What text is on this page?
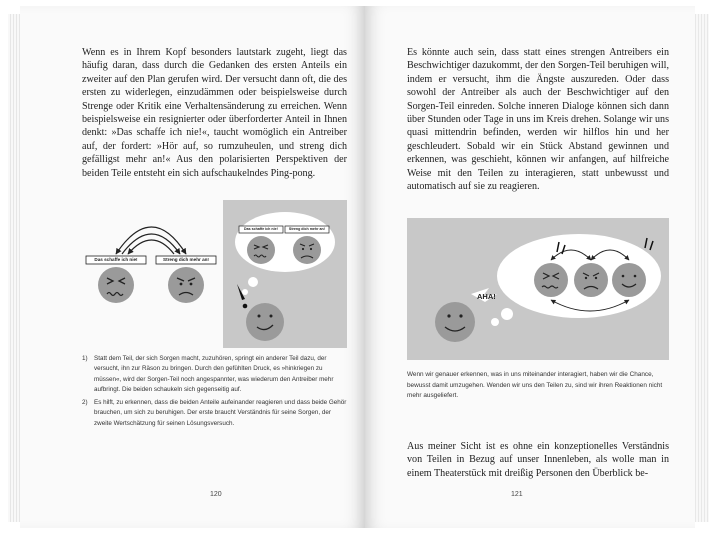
Wenn es in Ihrem Kopf besonders lautstark zugeht, liegt das häufig daran, dass durch die Gedanken des ersten Anteils ein zweiter auf den Plan gerufen wird. Der versucht dann oft, die des ersten zu widerlegen, einzudämmen oder beispielsweise durch Strenge oder Kritik eine Verhaltensänderung zu erreichen. Wenn beispielsweise ein resignierter oder überforderter Anteil in Ihnen denkt: »Das schaffe ich nie!«, taucht womöglich ein Antreiber auf, der fordert: »Hör auf, so rumzuheulen, und streng dich gefälligst mehr an!« Aus den polarisierten Perspektiven der beiden Teile entsteht ein sich aufschaukelndes Ping-pong.

Das schaffe ich nie!	Streng dich mehr an!
Das schaffe ich nie!	Streng dich mehr an!
1) Statt dem Teil, der sich Sorgen macht, zuzuhören, springt ein anderer Teil dazu, der versucht, ihn zur Räson zu bringen. Durch den gefühlten Druck, es »hinkriegen zu müssen«, wird der Sorgen-Teil noch angespannter, was wiederum den Antreiber mehr aufbringt. Die beiden schaukeln sich gegenseitig auf.
2) Es hilft, zu erkennen, dass die beiden Anteile aufeinander reagieren und dass beide Gehör brauchen, um sich zu beruhigen. Der erste braucht Verständnis für seine Sorgen, der zweite Wertschätzung für seinen Lösungsversuch.
120

Es könnte auch sein, dass statt eines strengen Antreibers ein Beschwichtiger dazukommt, der den Sorgen-Teil beruhigen will, indem er versucht, ihm die Ängste auszureden. Oder dass sowohl der Antreiber als auch der Beschwichtiger auf den Sorgen-Teil einreden. Solche inneren Dialoge können sich dann über Stunden oder Tage in uns im Kreis drehen. Solange wir uns quasi mittendrin befinden, werden wir hilflos hin und her geschleudert. Sobald wir ein Stück Abstand gewinnen und erkennen, was geschieht, können wir anfangen, auf hilfreiche Weise mit den Teilen zu interagieren, statt unbewusst und automatisch auf sie zu reagieren.

AHA!

Wenn wir genauer erkennen, was in uns miteinander interagiert, haben wir die Chance, bewusst damit umzugehen. Wenden wir uns den Teilen zu, sind wir ihren Reaktionen nicht mehr ausgeliefert.

Aus meiner Sicht ist es ohne ein konzeptionelles Verständnis von Teilen in Bezug auf unser Innenleben, als wolle man in einem Theaterstück mit dreißig Personen den Überblick be-

121
